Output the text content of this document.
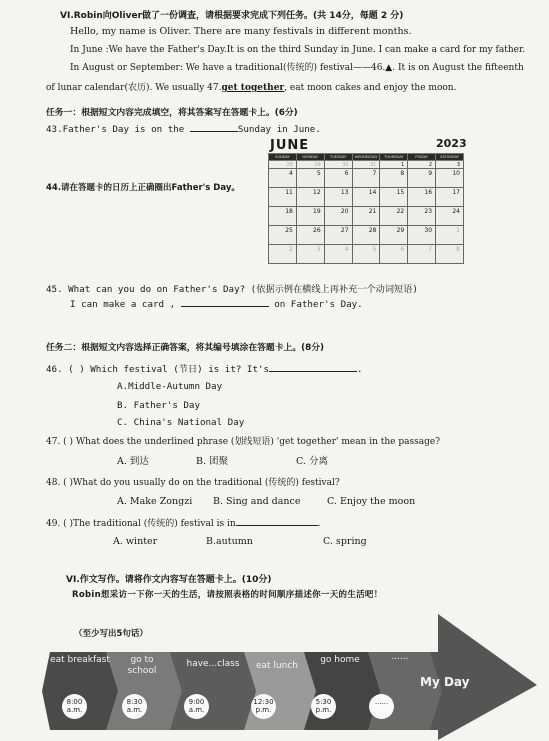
VI.Robin向Oliver做了一份调查，请根据要求完成下列任务。(共 14分，每题 2 分)
Hello, my name is Oliver. There are many festivals in different months.
In June :We have the Father's Day.It is on the third Sunday in June. I can make a card for my father.
In August or September: We have a traditional(传统的) festival——46.▲. It is on August the fifteenth
of lunar calendar(农历). We usually 47.get together, eat moon cakes and enjoy the moon.
任务一：根据短文内容完成填空，将其答案写在答题卡上。(6分)
43.Father's Day is on the	Sunday in June.
44.请在答题卡的日历上正确圈出Father's Day。
JUNE	2023
SUNDAY	MONDAY	TUESDAY	WEDNESDAY	THURSDAY	FRIDAY	SATURDAY
28	29	30	31	1	2	3
4	5	6	7	8	9	10
11	12	13	14	15	16	17
18	19	20	21	22	23	24
25	26	27	28	29	30	1
2	3	4	5	6	7	8
45. What can you do on Father's Day? (依据示例在横线上再补充一个动词短语)
I can make a card ,	on Father's Day.
任务二：根据短文内容选择正确答案，将其编号填涂在答题卡上。(8分)
46. ( ) Which festival (节日) is it? It's	.
A.Middle-Autumn Day
B. Father's Day
C. China's National Day
47. ( ) What does the underlined phrase (划线短语) 'get together' mean in the passage?
A. 到达	B. 团聚	C. 分离
48. ( )What do you usually do on the traditional (传统的) festival?
A. Make Zongzi B. Sing and dance	C. Enjoy the moon
49. ( )The traditional (传统的) festival is in	.
A. winter	B.autumn	C. spring
VI.作文写作。请将作文内容写在答题卡上。(10分)
Robin想采访一下你一天的生活，请按照表格的时间顺序描述你一天的生活吧！
（至少写出5句话）
eat breakfast	go to school
have...class	eat lunch
go home	......
8:00 a.m.
8:30 a.m.
9:00 a.m.
12:30 p.m.
5:30 p.m.
......
My Day
